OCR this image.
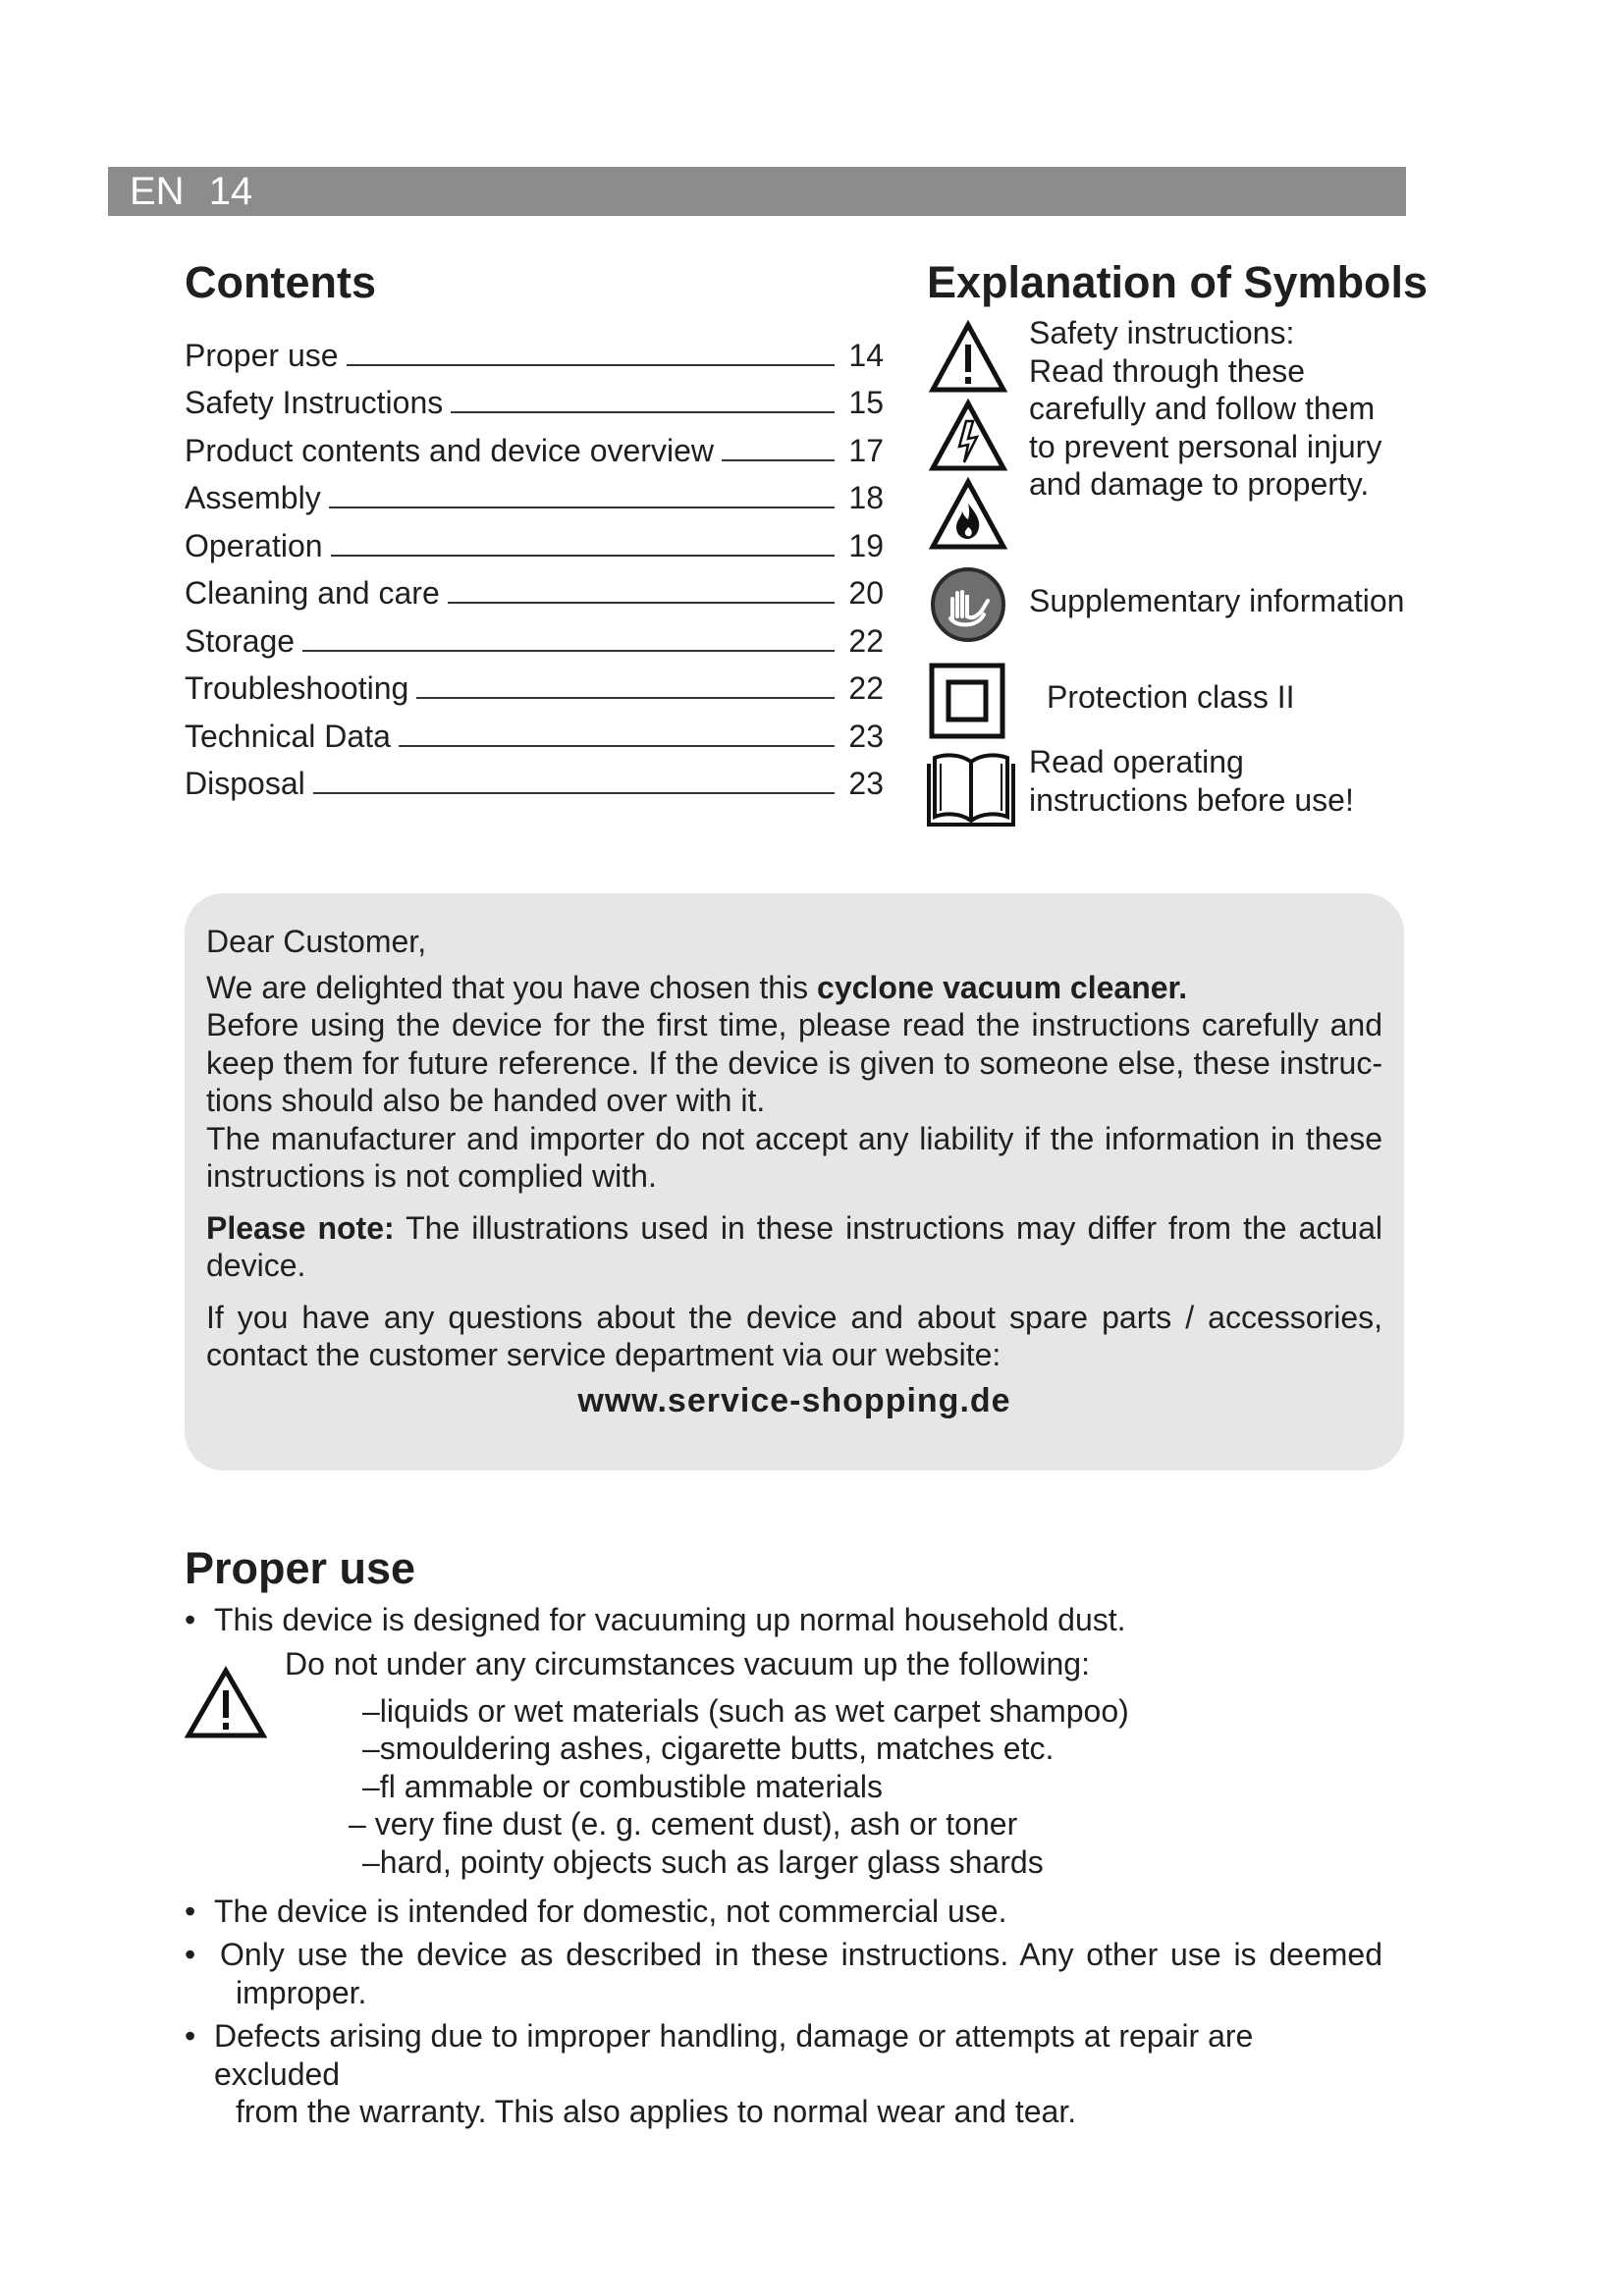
EN 14
Contents
Proper use	14
Safety Instructions	15
Product contents and device overview	17
Assembly	18
Operation	19
Cleaning and care	20
Storage	22
Troubleshooting	22
Technical Data	23
Disposal	23
Explanation of Symbols
Safety instructions:
Read through these
carefully and follow them
to prevent personal injury
and damage to property.
Supplementary information
Protection class II
Read operating
instructions before use!

Dear Customer,

We are delighted that you have chosen this cyclone vacuum cleaner.

Before using the device for the first time, please read the instructions carefully and keep them for future reference. If the device is given to someone else, these instruc-tions should also be handed over with it.

The manufacturer and importer do not accept any liability if the information in these instructions is not complied with.

Please note: The illustrations used in these instructions may differ from the actual device.

If you have any questions about the device and about spare parts / accessories, contact the customer service department via our website:

www.service-shopping.de

Proper use
• This device is designed for vacuuming up normal household dust.
Do not under any circumstances vacuum up the following:
–liquids or wet materials (such as wet carpet shampoo)
–smouldering ashes, cigarette butts, matches etc.
–fl ammable or combustible materials
– very fine dust (e. g. cement dust), ash or toner
–hard, pointy objects such as larger glass shards
• The device is intended for domestic, not commercial use.
• Only use the device as described in these instructions. Any other use is deemed
improper.
• Defects arising due to improper handling, damage or attempts at repair are excluded
from the warranty. This also applies to normal wear and tear.
